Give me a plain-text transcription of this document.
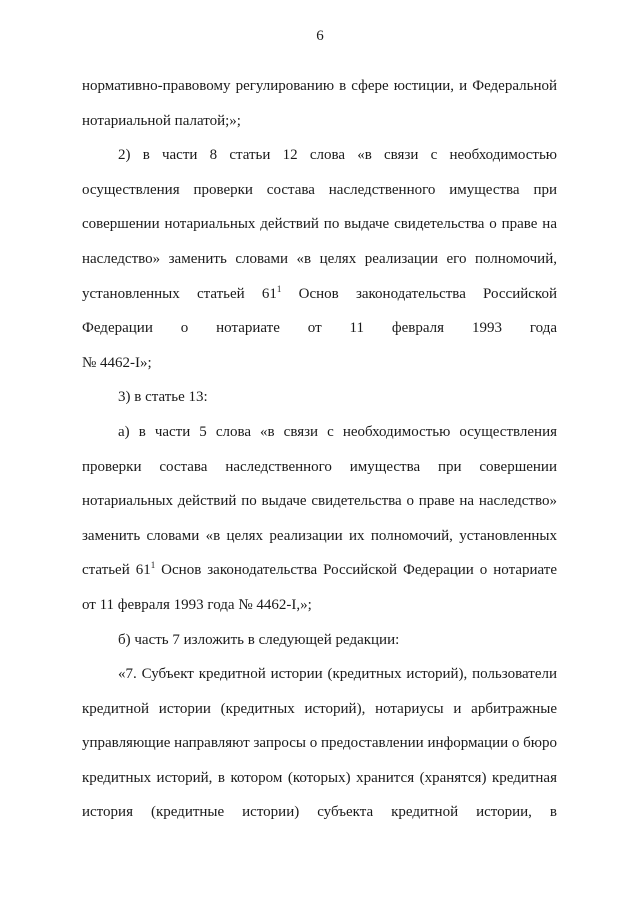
6
нормативно-правовому регулированию в сфере юстиции, и Федеральной
нотариальной палатой;»;
2) в части 8 статьи 12 слова «в связи с необходимостью
осуществления проверки состава наследственного имущества при
совершении нотариальных действий по выдаче свидетельства о праве на
наследство» заменить словами «в целях реализации его полномочий,
установленных статьей $61^1$ Основ законодательства Российской
Федерации о нотариате от 11 февраля 1993 года
№ 4462-I»;
3) в статье 13:
а) в части 5 слова «в связи с необходимостью осуществления
проверки состава наследственного имущества при совершении
нотариальных действий по выдаче свидетельства о праве на наследство»
заменить словами «в целях реализации их полномочий, установленных
статьей $61^1$ Основ законодательства Российской Федерации о нотариате
от 11 февраля 1993 года № 4462-I,»;
б) часть 7 изложить в следующей редакции:
«7. Субъект кредитной истории (кредитных историй), пользователи
кредитной истории (кредитных историй), нотариусы и арбитражные
управляющие направляют запросы о предоставлении информации о бюро
кредитных историй, в котором (которых) хранится (хранятся) кредитная
история (кредитные истории) субъекта кредитной истории, в
